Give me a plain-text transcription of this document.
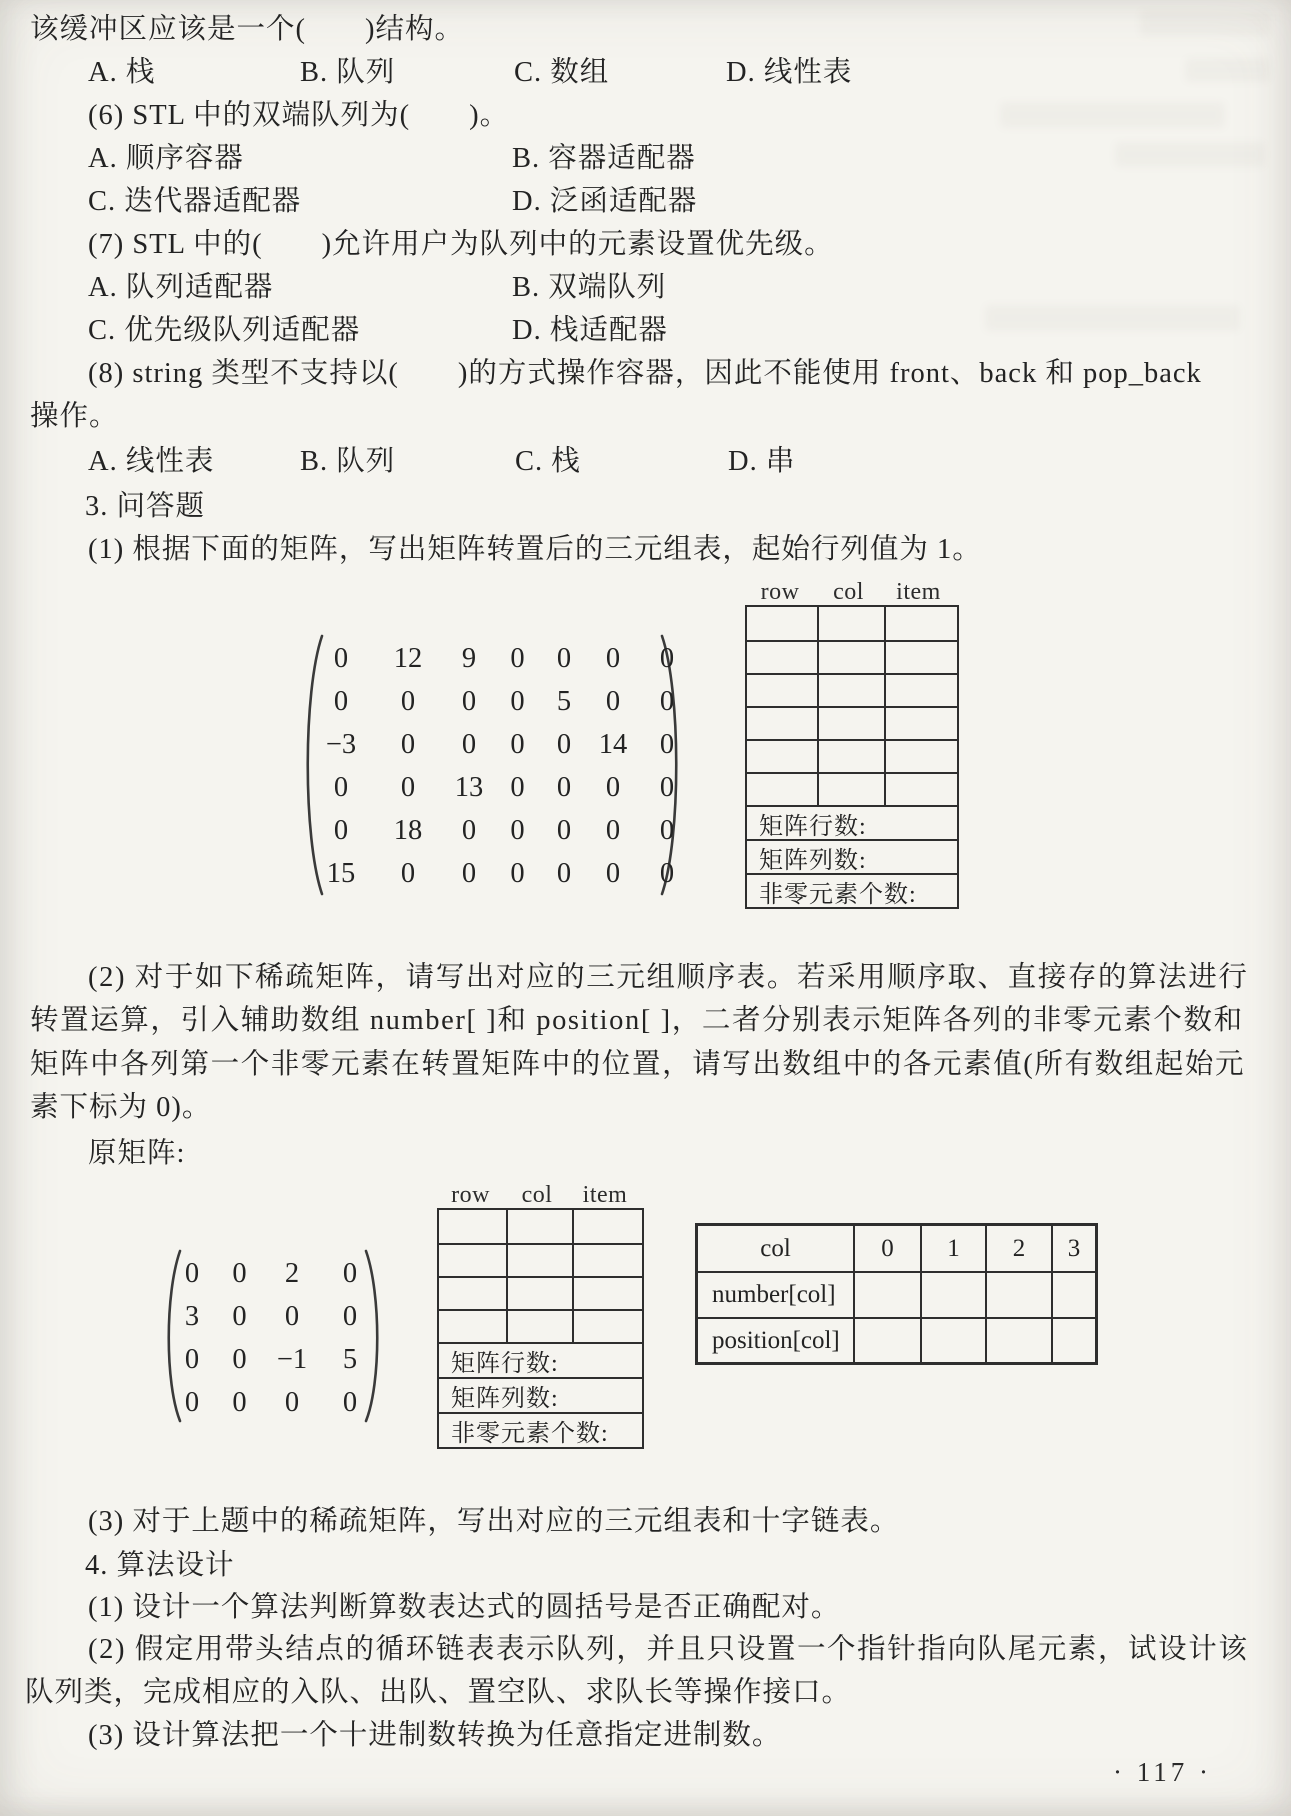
该缓冲区应该是一个(　　)结构。
A. 栈	B. 队列	C. 数组	D. 线性表
(6) STL 中的双端队列为(　　)。
A. 顺序容器	B. 容器适配器
C. 迭代器适配器	D. 泛函适配器
(7) STL 中的(　　)允许用户为队列中的元素设置优先级。
A. 队列适配器	B. 双端队列
C. 优先级队列适配器	D. 栈适配器
(8) string 类型不支持以(　　)的方式操作容器，因此不能使用 front、back 和 pop_back
操作。
A. 线性表	B. 队列	C. 栈	D. 串
3. 问答题
(1) 根据下面的矩阵，写出矩阵转置后的三元组表，起始行列值为 1。
0 12 9 0 0 0 0
0 0 0 0 5 0 0
−3 0 0 0 0 14 0
0 0 13 0 0 0 0
0 18 0 0 0 0 0
15 0 0 0 0 0 0
row	col	item
矩阵行数:
矩阵列数:
非零元素个数:
(2) 对于如下稀疏矩阵，请写出对应的三元组顺序表。若采用顺序取、直接存的算法进行
转置运算，引入辅助数组 number[ ]和 position[ ]，二者分别表示矩阵各列的非零元素个数和
矩阵中各列第一个非零元素在转置矩阵中的位置，请写出数组中的各元素值(所有数组起始元
素下标为 0)。
原矩阵:
0 0 2 0
3 0 0 0
0 0 −1 5
0 0 0 0
row	col	item
矩阵行数:
矩阵列数:
非零元素个数:
col	0	1	2	3
number[col]
position[col]
(3) 对于上题中的稀疏矩阵，写出对应的三元组表和十字链表。
4. 算法设计
(1) 设计一个算法判断算数表达式的圆括号是否正确配对。
(2) 假定用带头结点的循环链表表示队列，并且只设置一个指针指向队尾元素，试设计该
队列类，完成相应的入队、出队、置空队、求队长等操作接口。
(3) 设计算法把一个十进制数转换为任意指定进制数。
· 117 ·
